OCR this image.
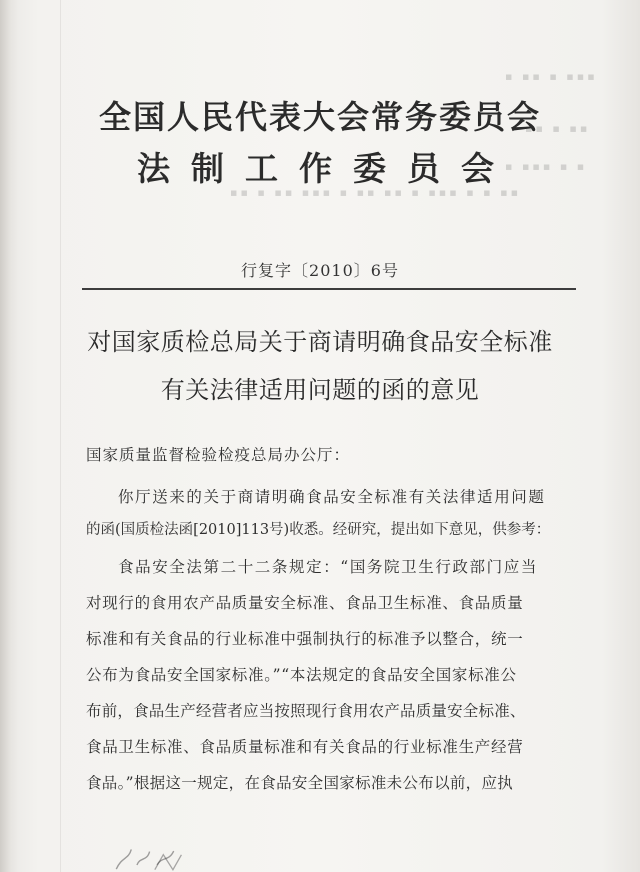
▪ ▪▪ ▪ ▪▪▪
▪▪ ▪ ▪▪
▪ ▪▪▪ ▪ ▪
▪▪ ▪ ▪▪ ▪▪▪ ▪ ▪▪ ▪▪ ▪ ▪▪▪ ▪ ▪ ▪▪
全国人民代表大会常务委员会
法制工作委员会
行复字〔2010〕6号
对国家质检总局关于商请明确食品安全标准
有关法律适用问题的函的意见
国家质量监督检验检疫总局办公厅：
你厅送来的关于商请明确食品安全标准有关法律适用问题
的函(国质检法函[2010]113号)收悉。经研究，提出如下意见，供参考：
食品安全法第二十二条规定：“国务院卫生行政部门应当
对现行的食用农产品质量安全标准、食品卫生标准、食品质量
标准和有关食品的行业标准中强制执行的标准予以整合，统一
公布为食品安全国家标准。”“本法规定的食品安全国家标准公
布前，食品生产经营者应当按照现行食用农产品质量安全标准、
食品卫生标准、食品质量标准和有关食品的行业标准生产经营
食品。”根据这一规定，在食品安全国家标准未公布以前，应执
